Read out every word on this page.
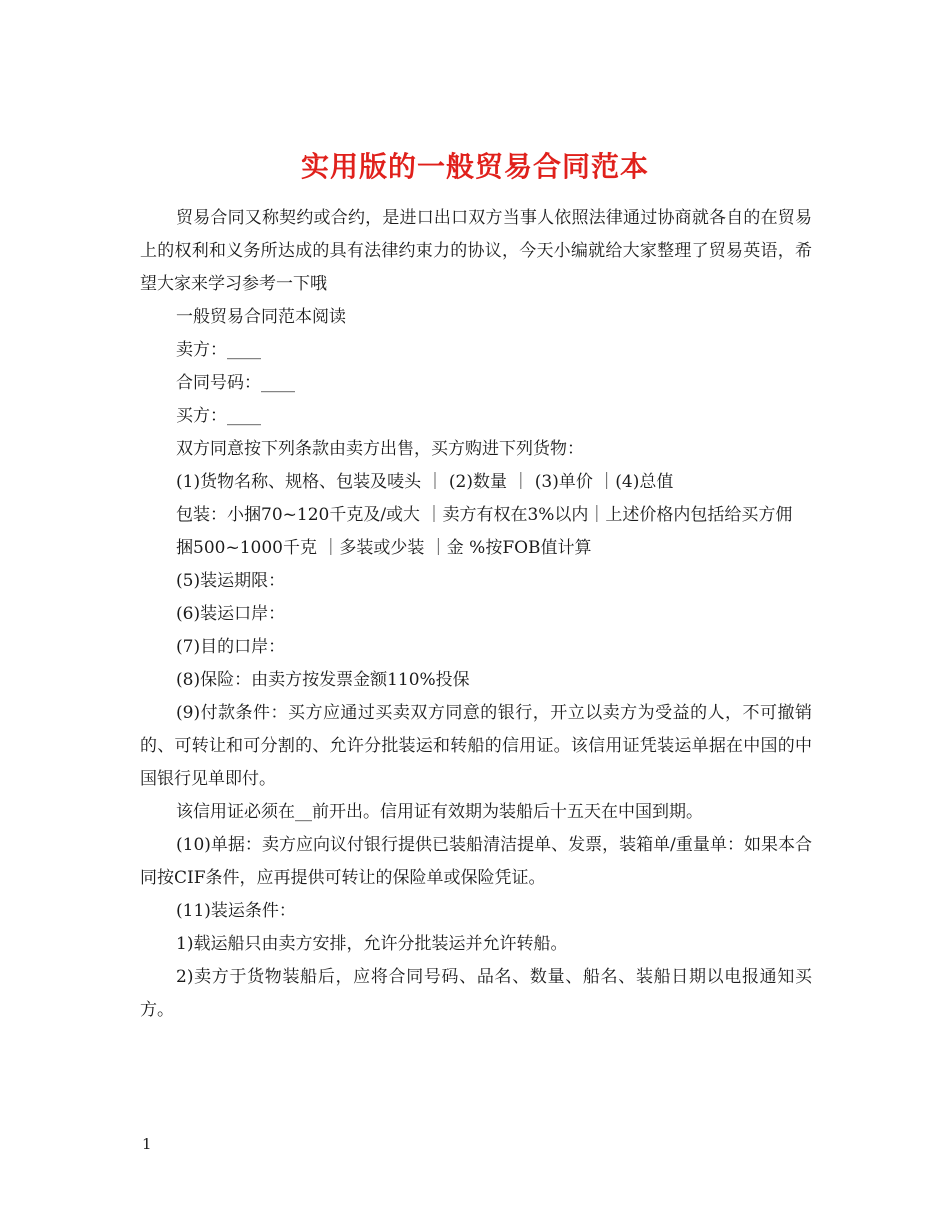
实用版的一般贸易合同范本

贸易合同又称契约或合约，是进口出口双方当事人依照法律通过协商就各自的在贸易上的权利和义务所达成的具有法律约束力的协议，今天小编就给大家整理了贸易英语，希望大家来学习参考一下哦

一般贸易合同范本阅读

卖方：____

合同号码：____

买方：____

双方同意按下列条款由卖方出售，买方购进下列货物：

(1)货物名称、规格、包装及唛头 ｜ (2)数量 ｜ (3)单价 ｜(4)总值

包装：小捆70~120千克及/或大 ｜卖方有权在3%以内｜上述价格内包括给买方佣

捆500~1000千克 ｜多装或少装 ｜金 %按FOB值计算

(5)装运期限：

(6)装运口岸：

(7)目的口岸：

(8)保险：由卖方按发票金额110%投保

(9)付款条件：买方应通过买卖双方同意的银行，开立以卖方为受益的人，不可撤销的、可转让和可分割的、允许分批装运和转船的信用证。该信用证凭装运单据在中国的中国银行见单即付。

该信用证必须在__前开出。信用证有效期为装船后十五天在中国到期。

(10)单据：卖方应向议付银行提供已装船清洁提单、发票，装箱单/重量单：如果本合同按CIF条件，应再提供可转让的保险单或保险凭证。

(11)装运条件：

1)载运船只由卖方安排，允许分批装运并允许转船。

2)卖方于货物装船后，应将合同号码、品名、数量、船名、装船日期以电报通知买方。

1
